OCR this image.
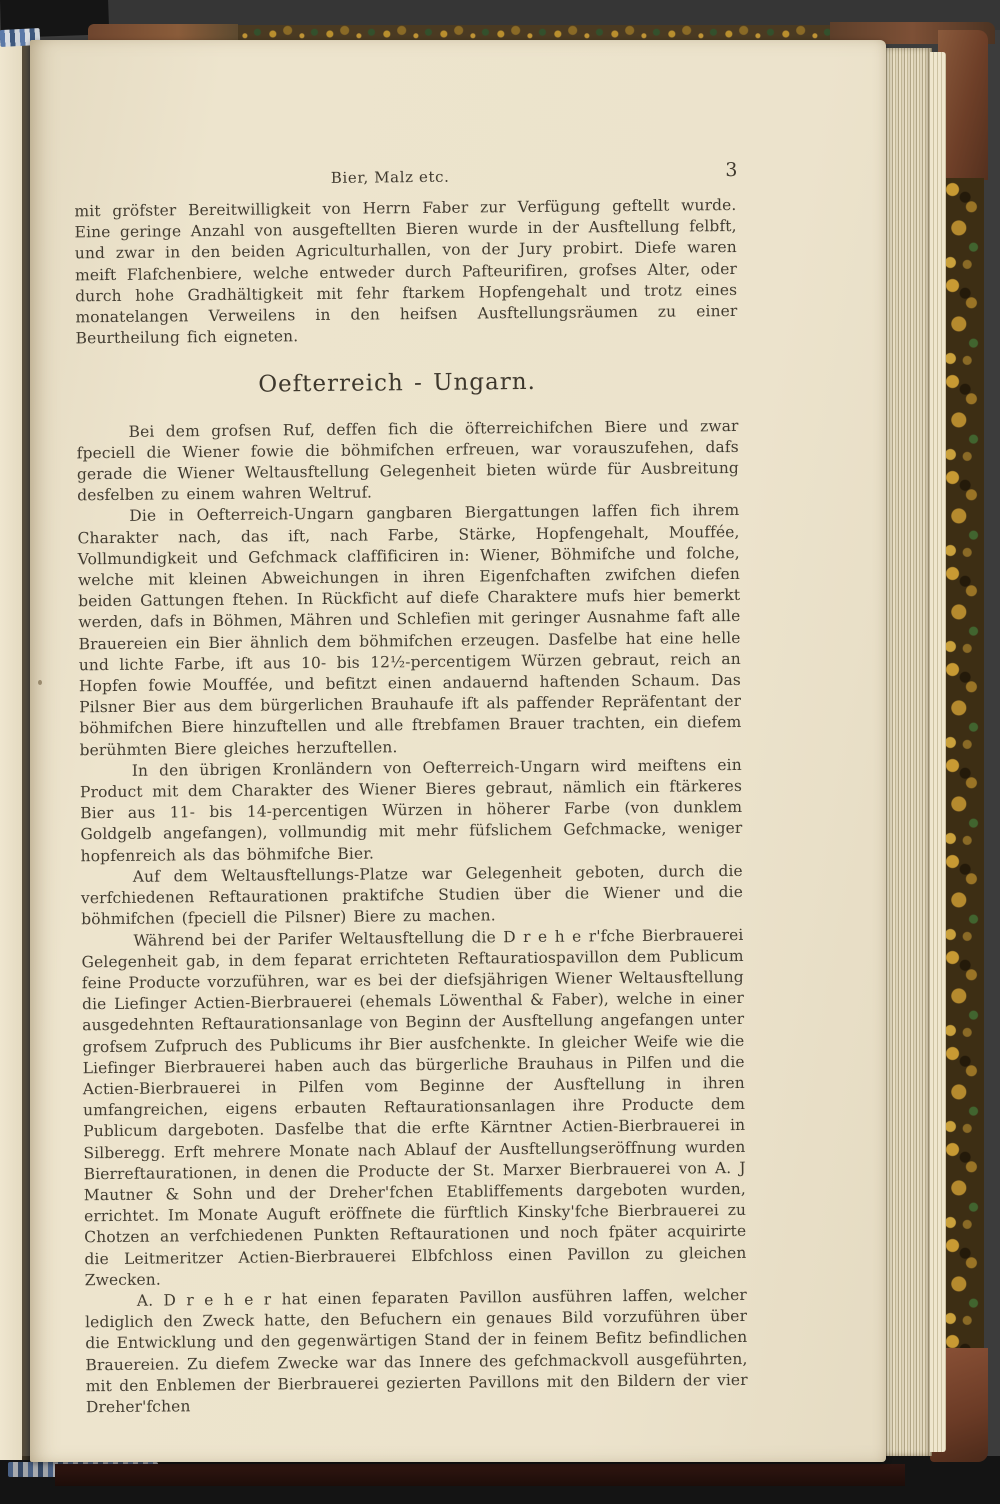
Bier, Malz etc.	3

mit gröfster Bereitwilligkeit von Herrn Faber zur Verfügung geftellt wurde. Eine geringe Anzahl von ausgeftellten Bieren wurde in der Ausftellung felbft, und zwar in den beiden Agriculturhallen, von der Jury probirt. Diefe waren meift Flafchenbiere, welche entweder durch Pafteurifiren, grofses Alter, oder durch hohe Gradhältigkeit mit fehr ftarkem Hopfengehalt und trotz eines monatelangen Verweilens in den heifsen Ausftellungsräumen zu einer Beurtheilung fich eigneten.

Oefterreich - Ungarn.

Bei dem grofsen Ruf, deffen fich die öfterreichifchen Biere und zwar fpeciell die Wiener fowie die böhmifchen erfreuen, war vorauszufehen, dafs gerade die Wiener Weltausftellung Gelegenheit bieten würde für Ausbreitung desfelben zu einem wahren Weltruf.

Die in Oefterreich-Ungarn gangbaren Biergattungen laffen fich ihrem Charakter nach, das ift, nach Farbe, Stärke, Hopfengehalt, Mouffée, Vollmundigkeit und Gefchmack claffificiren in: Wiener, Böhmifche und folche, welche mit kleinen Abweichungen in ihren Eigenfchaften zwifchen diefen beiden Gattungen ftehen. In Rückficht auf diefe Charaktere mufs hier bemerkt werden, dafs in Böhmen, Mähren und Schlefien mit geringer Ausnahme faft alle Brauereien ein Bier ähnlich dem böhmifchen erzeugen. Dasfelbe hat eine helle und lichte Farbe, ift aus 10- bis 12½-percentigem Würzen gebraut, reich an Hopfen fowie Mouffée, und befitzt einen andauernd haftenden Schaum. Das Pilsner Bier aus dem bürgerlichen Brauhaufe ift als paffender Repräfentant der böhmifchen Biere hinzuftellen und alle ftrebfamen Brauer trachten, ein diefem berühmten Biere gleiches herzuftellen.

In den übrigen Kronländern von Oefterreich-Ungarn wird meiftens ein Product mit dem Charakter des Wiener Bieres gebraut, nämlich ein ftärkeres Bier aus 11- bis 14-percentigen Würzen in höherer Farbe (von dunklem Goldgelb angefangen), vollmundig mit mehr füfslichem Gefchmacke, weniger hopfenreich als das böhmifche Bier.

Auf dem Weltausftellungs-Platze war Gelegenheit geboten, durch die verfchiedenen Reftaurationen praktifche Studien über die Wiener und die böhmifchen (fpeciell die Pilsner) Biere zu machen.

Während bei der Parifer Weltausftellung die D r e h e r'fche Bierbrauerei Gelegenheit gab, in dem feparat errichteten Reftauratiospavillon dem Publicum feine Producte vorzuführen, war es bei der diefsjährigen Wiener Weltausftellung die Liefinger Actien-Bierbrauerei (ehemals Löwenthal & Faber), welche in einer ausgedehnten Reftaurationsanlage von Beginn der Ausftellung angefangen unter grofsem Zufpruch des Publicums ihr Bier ausfchenkte. In gleicher Weife wie die Liefinger Bierbrauerei haben auch das bürgerliche Brauhaus in Pilfen und die Actien-Bierbrauerei in Pilfen vom Beginne der Ausftellung in ihren umfangreichen, eigens erbauten Reftaurationsanlagen ihre Producte dem Publicum dargeboten. Dasfelbe that die erfte Kärntner Actien-Bierbrauerei in Silberegg. Erft mehrere Monate nach Ablauf der Ausftellungseröffnung wurden Bierreftaurationen, in denen die Producte der St. Marxer Bierbrauerei von A. J Mautner & Sohn und der Dreher'fchen Etabliffements dargeboten wurden, errichtet. Im Monate Auguft eröffnete die fürftlich Kinsky'fche Bierbrauerei zu Chotzen an verfchiedenen Punkten Reftaurationen und noch fpäter acquirirte die Leitmeritzer Actien-Bierbrauerei Elbfchloss einen Pavillon zu gleichen Zwecken.

A. D r e h e r hat einen feparaten Pavillon ausführen laffen, welcher lediglich den Zweck hatte, den Befuchern ein genaues Bild vorzuführen über die Entwicklung und den gegenwärtigen Stand der in feinem Befitz befindlichen Brauereien. Zu diefem Zwecke war das Innere des gefchmackvoll ausgeführten, mit den Enblemen der Bierbrauerei gezierten Pavillons mit den Bildern der vier Dreher'fchen
